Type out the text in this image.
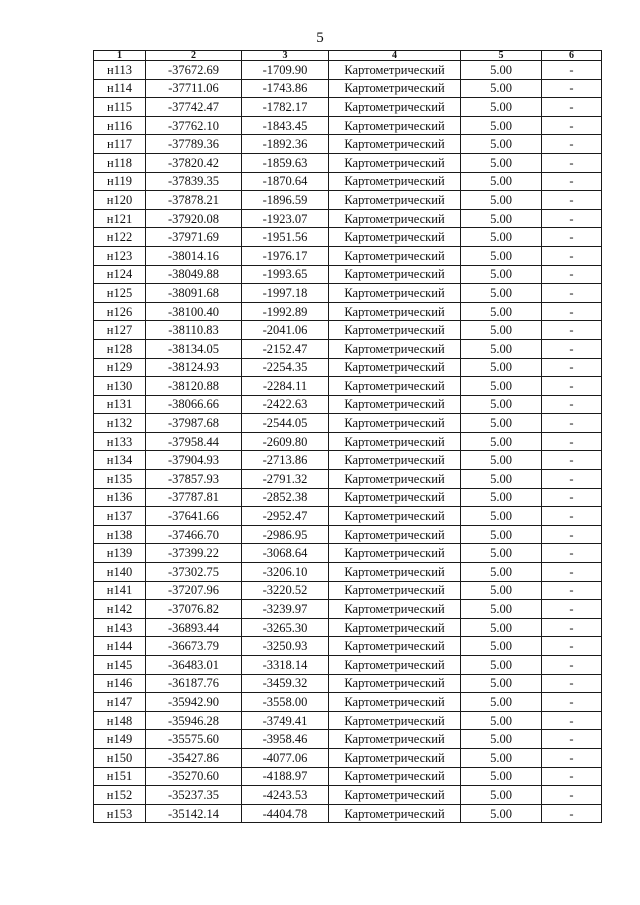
5
1	2	3	4	5	6
н113	-37672.69	-1709.90	Картометрический	5.00	-
н114	-37711.06	-1743.86	Картометрический	5.00	-
н115	-37742.47	-1782.17	Картометрический	5.00	-
н116	-37762.10	-1843.45	Картометрический	5.00	-
н117	-37789.36	-1892.36	Картометрический	5.00	-
н118	-37820.42	-1859.63	Картометрический	5.00	-
н119	-37839.35	-1870.64	Картометрический	5.00	-
н120	-37878.21	-1896.59	Картометрический	5.00	-
н121	-37920.08	-1923.07	Картометрический	5.00	-
н122	-37971.69	-1951.56	Картометрический	5.00	-
н123	-38014.16	-1976.17	Картометрический	5.00	-
н124	-38049.88	-1993.65	Картометрический	5.00	-
н125	-38091.68	-1997.18	Картометрический	5.00	-
н126	-38100.40	-1992.89	Картометрический	5.00	-
н127	-38110.83	-2041.06	Картометрический	5.00	-
н128	-38134.05	-2152.47	Картометрический	5.00	-
н129	-38124.93	-2254.35	Картометрический	5.00	-
н130	-38120.88	-2284.11	Картометрический	5.00	-
н131	-38066.66	-2422.63	Картометрический	5.00	-
н132	-37987.68	-2544.05	Картометрический	5.00	-
н133	-37958.44	-2609.80	Картометрический	5.00	-
н134	-37904.93	-2713.86	Картометрический	5.00	-
н135	-37857.93	-2791.32	Картометрический	5.00	-
н136	-37787.81	-2852.38	Картометрический	5.00	-
н137	-37641.66	-2952.47	Картометрический	5.00	-
н138	-37466.70	-2986.95	Картометрический	5.00	-
н139	-37399.22	-3068.64	Картометрический	5.00	-
н140	-37302.75	-3206.10	Картометрический	5.00	-
н141	-37207.96	-3220.52	Картометрический	5.00	-
н142	-37076.82	-3239.97	Картометрический	5.00	-
н143	-36893.44	-3265.30	Картометрический	5.00	-
н144	-36673.79	-3250.93	Картометрический	5.00	-
н145	-36483.01	-3318.14	Картометрический	5.00	-
н146	-36187.76	-3459.32	Картометрический	5.00	-
н147	-35942.90	-3558.00	Картометрический	5.00	-
н148	-35946.28	-3749.41	Картометрический	5.00	-
н149	-35575.60	-3958.46	Картометрический	5.00	-
н150	-35427.86	-4077.06	Картометрический	5.00	-
н151	-35270.60	-4188.97	Картометрический	5.00	-
н152	-35237.35	-4243.53	Картометрический	5.00	-
н153	-35142.14	-4404.78	Картометрический	5.00	-
